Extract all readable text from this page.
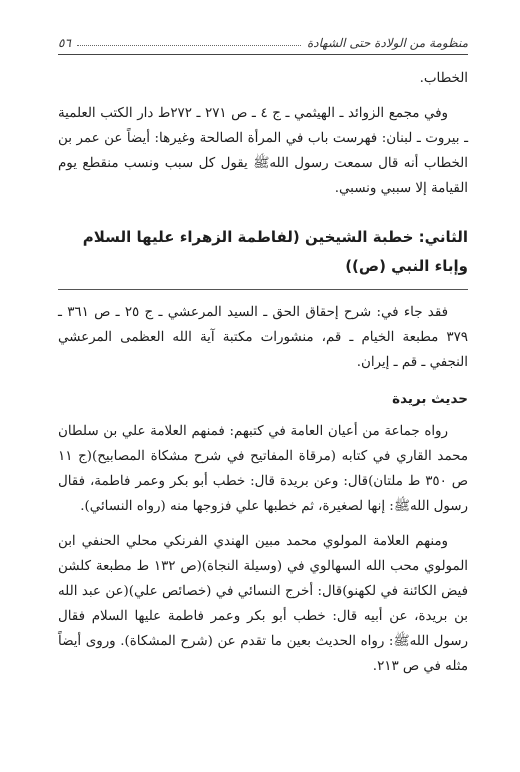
منظومة من الولادة حتى الشهادة
٥٦

الخطاب.

وفي مجمع الزوائد ـ الهيثمي ـ ج ٤ ـ ص ٢٧١ ـ ٢٧٢ط دار الكتب العلمية ـ بيروت ـ لبنان: فهرست باب في المرأة الصالحة وغيرها: أيضاً عن عمر بن الخطاب أنه قال سمعت رسول اللهﷺ يقول كل سبب ونسب منقطع يوم القيامة إلا سببي ونسبي.

الثاني: خطبة الشيخين (لفاطمة الزهراء عليها السلام وإباء النبي (ص))

فقد جاء في: شرح إحقاق الحق ـ السيد المرعشي ـ ج ٢٥ ـ ص ٣٦١ ـ ٣٧٩ مطبعة الخيام ـ قم، منشورات مكتبة آية الله العظمى المرعشي النجفي ـ قم ـ إيران.

حديث بريدة

رواه جماعة من أعيان العامة في كتبهم: فمنهم العلامة علي بن سلطان محمد القاري في كتابه (مرقاة المفاتيح في شرح مشكاة المصابيح)(ج ١١ ص ٣٥٠ ط ملتان)قال: وعن بريدة قال: خطب أبو بكر وعمر فاطمة، فقال رسول اللهﷺ: إنها لصغيرة، ثم خطبها علي فزوجها منه (رواه النسائي).

ومنهم العلامة المولوي محمد مبين الهندي الفرنكي محلي الحنفي ابن المولوي محب الله السهالوي في (وسيلة النجاة)(ص ١٣٢ ط مطبعة كلشن فيض الكائنة في لكهنو)قال: أخرج النسائي في (خصائص علي)(عن عبد الله بن بريدة، عن أبيه قال: خطب أبو بكر وعمر فاطمة عليها السلام فقال رسول اللهﷺ: رواه الحديث بعين ما تقدم عن (شرح المشكاة). وروى أيضاً مثله في ص ٢١٣.
